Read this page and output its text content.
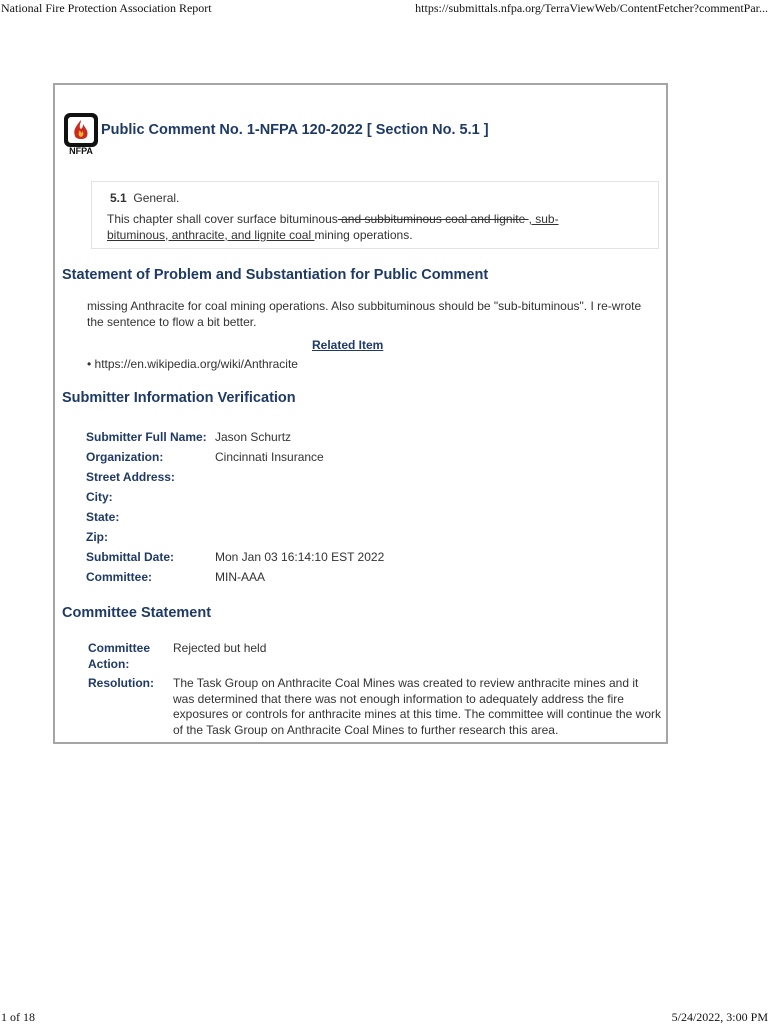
National Fire Protection Association Report	https://submittals.nfpa.org/TerraViewWeb/ContentFetcher?commentPar...
NFPA
Public Comment No. 1-NFPA 120-2022 [ Section No. 5.1 ]
5.1 General.
This chapter shall cover surface bituminous and subbituminous coal and lignite , sub-bituminous, anthracite, and lignite coal mining operations.
Statement of Problem and Substantiation for Public Comment
missing Anthracite for coal mining operations. Also subbituminous should be "sub-bituminous". I re-wrote the sentence to flow a bit better.
Related Item
• https://en.wikipedia.org/wiki/Anthracite
Submitter Information Verification
Submitter Full Name: Jason Schurtz
Organization:	Cincinnati Insurance
Street Address:
City:
State:
Zip:
Submittal Date:	Mon Jan 03 16:14:10 EST 2022
Committee:	MIN-AAA
Committee Statement
Committee Action:
Rejected but held
Resolution: The Task Group on Anthracite Coal Mines was created to review anthracite mines and it was determined that there was not enough information to adequately address the fire exposures or controls for anthracite mines at this time. The committee will continue the work of the Task Group on Anthracite Coal Mines to further research this area.
1 of 18	5/24/2022, 3:00 PM
